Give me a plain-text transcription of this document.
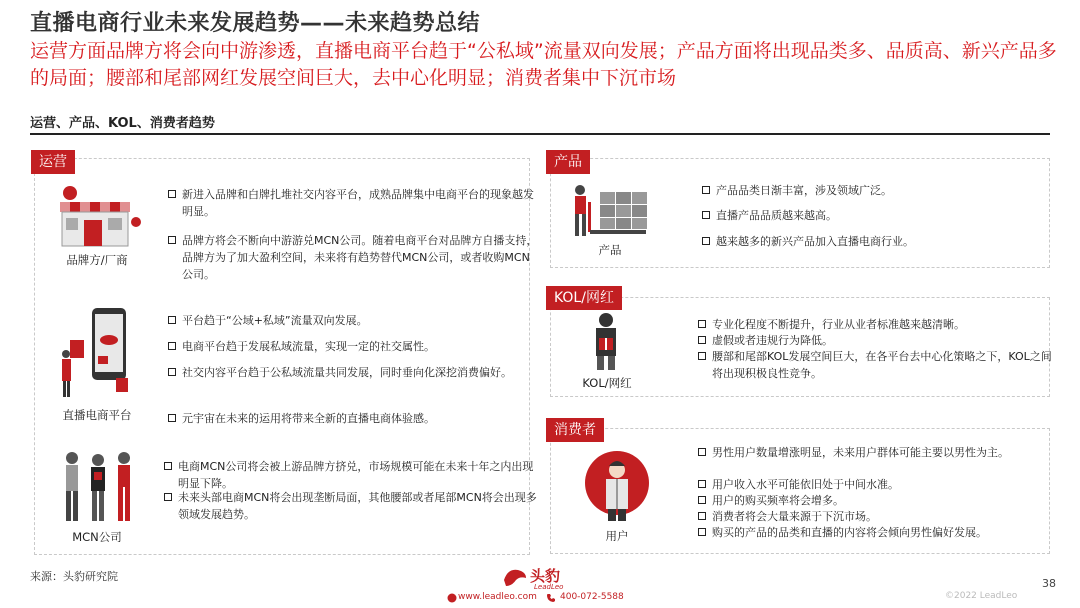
直播电商行业未来发展趋势——未来趋势总结
运营方面品牌方将会向中游渗透，直播电商平台趋于“公私域”流量双向发展；产品方面将出现品类多、品质高、新兴产品多的局面；腰部和尾部网红发展空间巨大，去中心化明显；消费者集中下沉市场
运营、产品、KOL、消费者趋势
运营
品牌方/厂商
新进入品牌和白牌扎堆社交内容平台，成熟品牌集中电商平台的现象越发明显。
品牌方将会不断向中游游兑MCN公司。随着电商平台对品牌方自播支持，品牌方为了加大盈利空间，未来将有趋势替代MCN公司，或者收购MCN公司。
直播电商平台
平台趋于“公域+私域”流量双向发展。
电商平台趋于发展私域流量，实现一定的社交属性。
社交内容平台趋于公私域流量共同发展，同时垂向化深挖消费偏好。
元宇宙在未来的运用将带来全新的直播电商体验感。
MCN公司
电商MCN公司将会被上游品牌方挤兑，市场规模可能在未来十年之内出现明显下降。
未来头部电商MCN将会出现垄断局面，其他腰部或者尾部MCN将会出现多领域发展趋势。
产品
产品
产品品类日渐丰富，涉及领域广泛。
直播产品品质越来越高。
越来越多的新兴产品加入直播电商行业。
KOL/网红
KOL/网红
专业化程度不断提升，行业从业者标准越来越清晰。
虚假或者违规行为降低。
腰部和尾部KOL发展空间巨大，在各平台去中心化策略之下，KOL之间将出现积极良性竞争。
消费者
用户
男性用户数量增涨明显，未来用户群体可能主要以男性为主。
用户收入水平可能依旧处于中间水准。
用户的购买频率将会增多。
消费者将会大量来源于下沉市场。
购买的产品的品类和直播的内容将会倾向男性偏好发展。
来源：头豹研究院	头豹
LeadLeo
www.leadleo.com	400-072-5588
38
©2022 LeadLeo
